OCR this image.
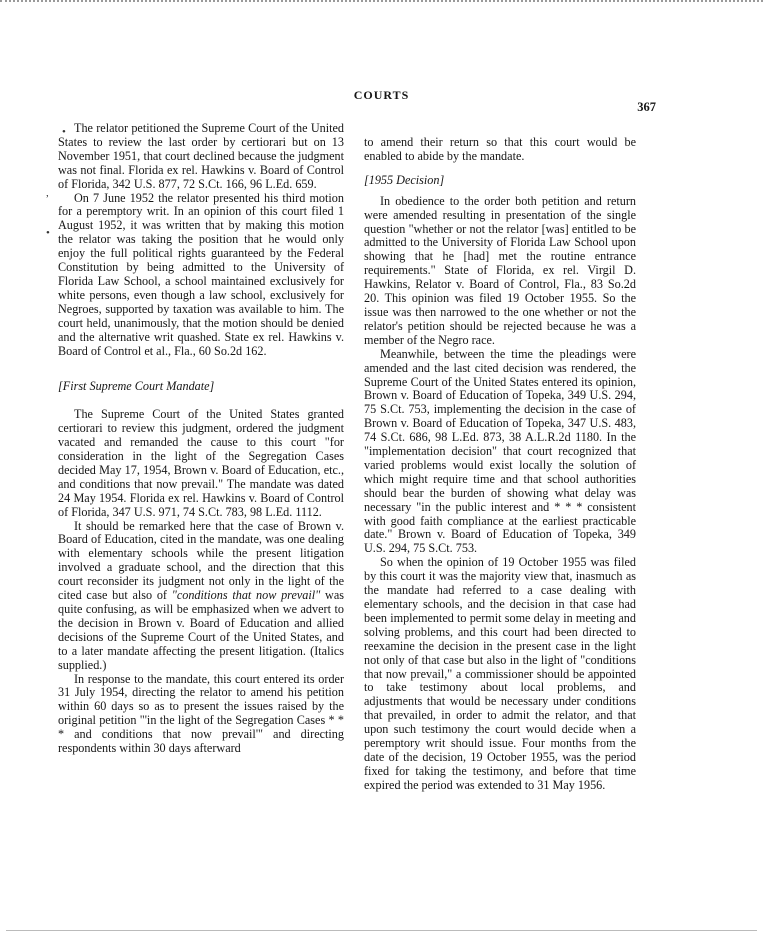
COURTS
367
•
,
•

The relator petitioned the Supreme Court of the United States to review the last order by certiorari but on 13 November 1951, that court declined because the judgment was not final. Florida ex rel. Hawkins v. Board of Control of Florida, 342 U.S. 877, 72 S.Ct. 166, 96 L.Ed. 659.

On 7 June 1952 the relator presented his third motion for a peremptory writ. In an opinion of this court filed 1 August 1952, it was written that by making this motion the relator was taking the position that he would only enjoy the full political rights guaranteed by the Federal Constitution by being admitted to the University of Florida Law School, a school maintained exclusively for white persons, even though a law school, exclusively for Negroes, supported by taxation was available to him. The court held, unanimously, that the motion should be denied and the alternative writ quashed. State ex rel. Hawkins v. Board of Control et al., Fla., 60 So.2d 162.

[First Supreme Court Mandate]

The Supreme Court of the United States granted certiorari to review this judgment, ordered the judgment vacated and remanded the cause to this court "for consideration in the light of the Segregation Cases decided May 17, 1954, Brown v. Board of Education, etc., and conditions that now prevail." The mandate was dated 24 May 1954. Florida ex rel. Hawkins v. Board of Control of Florida, 347 U.S. 971, 74 S.Ct. 783, 98 L.Ed. 1112.

It should be remarked here that the case of Brown v. Board of Education, cited in the mandate, was one dealing with elementary schools while the present litigation involved a graduate school, and the direction that this court reconsider its judgment not only in the light of the cited case but also of "conditions that now prevail" was quite confusing, as will be emphasized when we advert to the decision in Brown v. Board of Education and allied decisions of the Supreme Court of the United States, and to a later mandate affecting the present litigation. (Italics supplied.)

In response to the mandate, this court entered its order 31 July 1954, directing the relator to amend his petition within 60 days so as to present the issues raised by the original petition "'in the light of the Segregation Cases * * * and conditions that now prevail'" and directing respondents within 30 days afterward

to amend their return so that this court would be enabled to abide by the mandate.

[1955 Decision]

In obedience to the order both petition and return were amended resulting in presentation of the single question "whether or not the relator [was] entitled to be admitted to the University of Florida Law School upon showing that he [had] met the routine entrance requirements." State of Florida, ex rel. Virgil D. Hawkins, Relator v. Board of Control, Fla., 83 So.2d 20. This opinion was filed 19 October 1955. So the issue was then narrowed to the one whether or not the relator's petition should be rejected because he was a member of the Negro race.

Meanwhile, between the time the pleadings were amended and the last cited decision was rendered, the Supreme Court of the United States entered its opinion, Brown v. Board of Education of Topeka, 349 U.S. 294, 75 S.Ct. 753, implementing the decision in the case of Brown v. Board of Education of Topeka, 347 U.S. 483, 74 S.Ct. 686, 98 L.Ed. 873, 38 A.L.R.2d 1180. In the "implementation decision" that court recognized that varied problems would exist locally the solution of which might require time and that school authorities should bear the burden of showing what delay was necessary "in the public interest and * * * consistent with good faith compliance at the earliest practicable date." Brown v. Board of Education of Topeka, 349 U.S. 294, 75 S.Ct. 753.

So when the opinion of 19 October 1955 was filed by this court it was the majority view that, inasmuch as the mandate had referred to a case dealing with elementary schools, and the decision in that case had been implemented to permit some delay in meeting and solving problems, and this court had been directed to reexamine the decision in the present case in the light not only of that case but also in the light of "conditions that now prevail," a commissioner should be appointed to take testimony about local problems, and adjustments that would be necessary under conditions that prevailed, in order to admit the relator, and that upon such testimony the court would decide when a peremptory writ should issue. Four months from the date of the decision, 19 October 1955, was the period fixed for taking the testimony, and before that time expired the period was extended to 31 May 1956.
